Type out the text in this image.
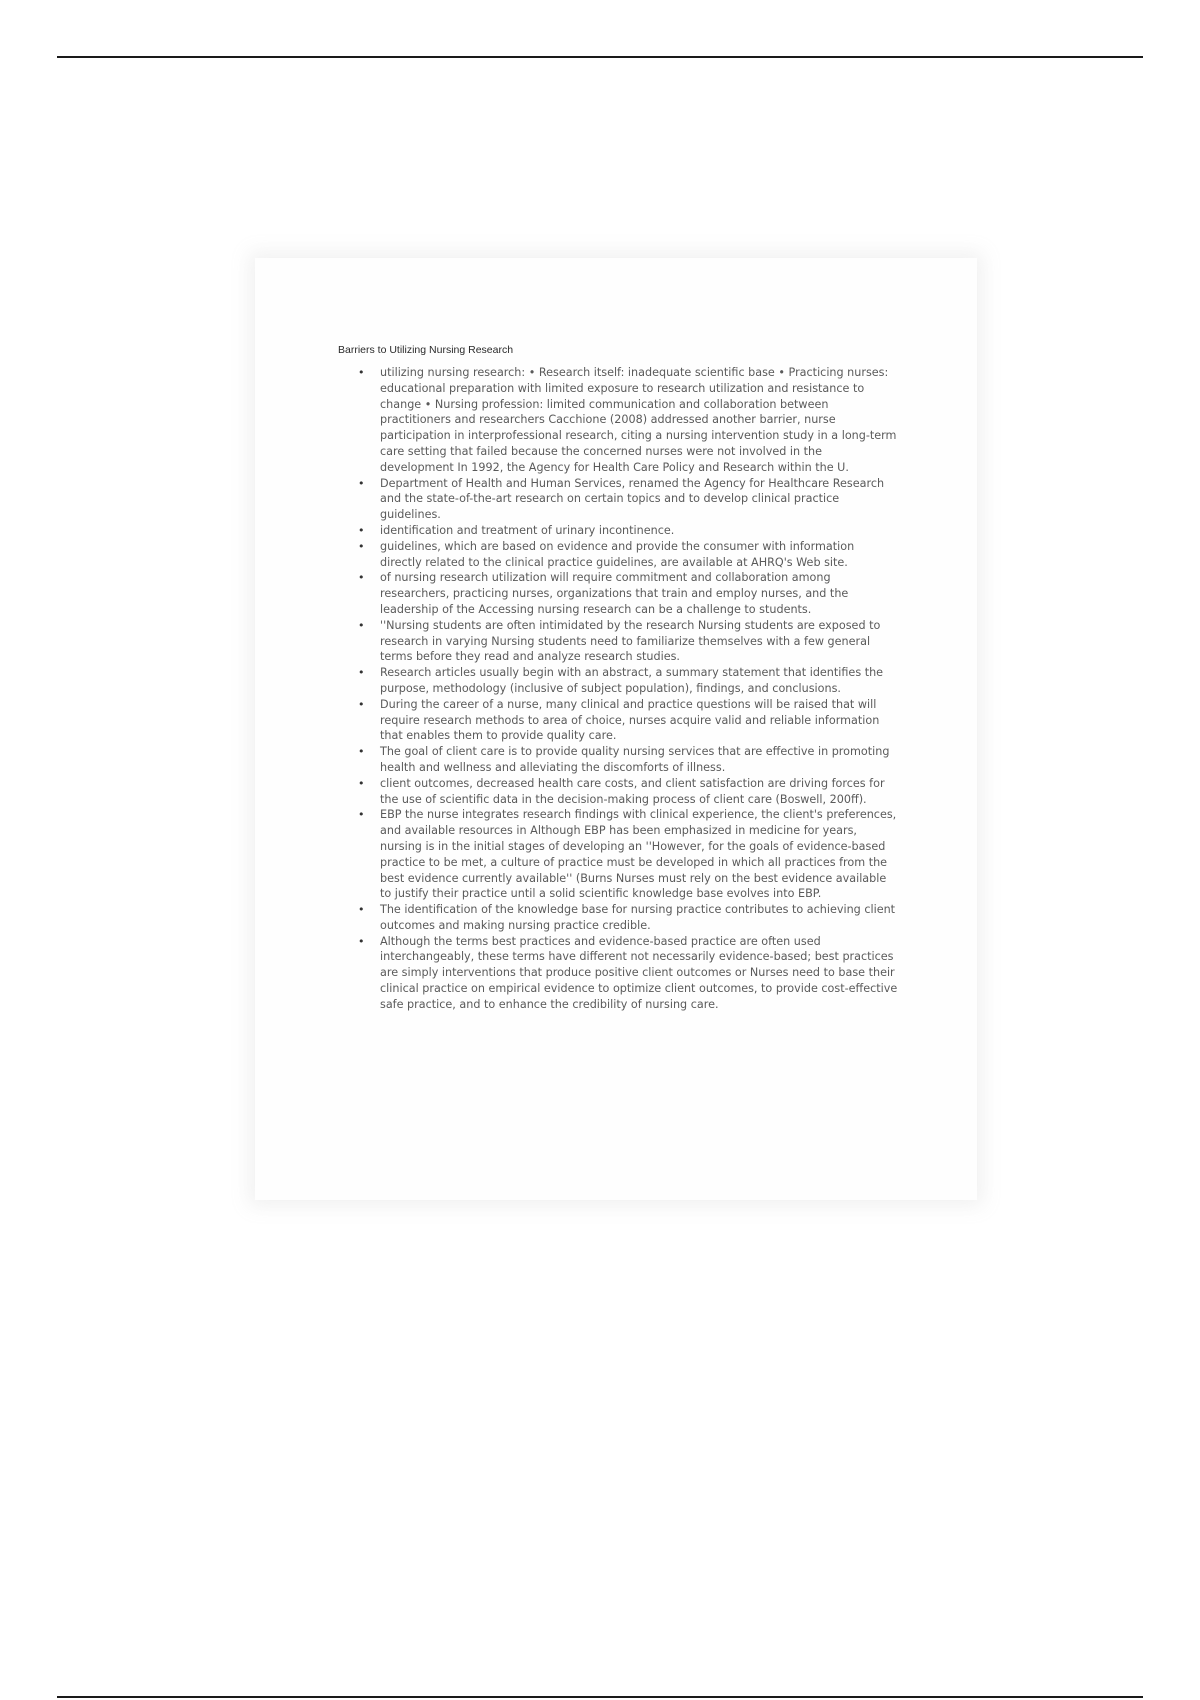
Barriers to Utilizing Nursing Research
• utilizing nursing research: • Research itself: inadequate scientific base • Practicing nurses: educational preparation with limited exposure to research utilization and resistance to change • Nursing profession: limited communication and collaboration between practitioners and researchers Cacchione (2008) addressed another barrier, nurse participation in interprofessional research, citing a nursing intervention study in a long-term care setting that failed because the concerned nurses were not involved in the development In 1992, the Agency for Health Care Policy and Research within the U.
• Department of Health and Human Services, renamed the Agency for Healthcare Research and the state-of-the-art research on certain topics and to develop clinical practice guidelines.
• identification and treatment of urinary incontinence.
• guidelines, which are based on evidence and provide the consumer with information directly related to the clinical practice guidelines, are available at AHRQ's Web site.
• of nursing research utilization will require commitment and collaboration among researchers, practicing nurses, organizations that train and employ nurses, and the leadership of the Accessing nursing research can be a challenge to students.
• ''Nursing students are often intimidated by the research Nursing students are exposed to research in varying Nursing students need to familiarize themselves with a few general terms before they read and analyze research studies.
• Research articles usually begin with an abstract, a summary statement that identifies the purpose, methodology (inclusive of subject population), findings, and conclusions.
• During the career of a nurse, many clinical and practice questions will be raised that will require research methods to area of choice, nurses acquire valid and reliable information that enables them to provide quality care.
• The goal of client care is to provide quality nursing services that are effective in promoting health and wellness and alleviating the discomforts of illness.
• client outcomes, decreased health care costs, and client satisfaction are driving forces for the use of scientific data in the decision-making process of client care (Boswell, 200ff).
• EBP the nurse integrates research findings with clinical experience, the client's preferences, and available resources in Although EBP has been emphasized in medicine for years, nursing is in the initial stages of developing an ''However, for the goals of evidence-based practice to be met, a culture of practice must be developed in which all practices from the best evidence currently available'' (Burns Nurses must rely on the best evidence available to justify their practice until a solid scientific knowledge base evolves into EBP.
• The identification of the knowledge base for nursing practice contributes to achieving client outcomes and making nursing practice credible.
• Although the terms best practices and evidence-based practice are often used interchangeably, these terms have different not necessarily evidence-based; best practices are simply interventions that produce positive client outcomes or Nurses need to base their clinical practice on empirical evidence to optimize client outcomes, to provide cost-effective safe practice, and to enhance the credibility of nursing care.
